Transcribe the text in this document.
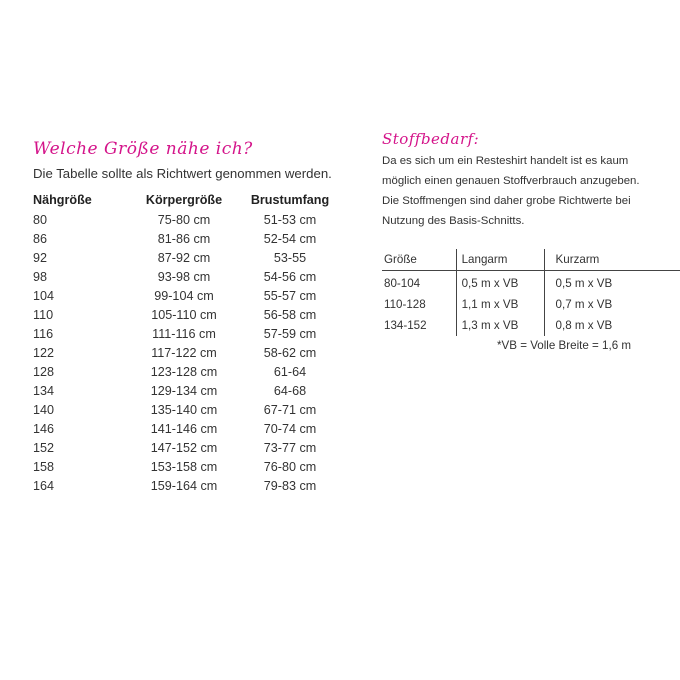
Welche Größe nähe ich?
Die Tabelle sollte als Richtwert genommen werden.
Nähgröße	Körpergröße	Brustumfang
80	75-80 cm	51-53 cm
86	81-86 cm	52-54 cm
92	87-92 cm	53-55
98	93-98 cm	54-56 cm
104	99-104 cm	55-57 cm
110	105-110 cm	56-58 cm
116	111-116 cm	57-59 cm
122	117-122 cm	58-62 cm
128	123-128 cm	61-64
134	129-134 cm	64-68
140	135-140 cm	67-71 cm
146	141-146 cm	70-74 cm
152	147-152 cm	73-77 cm
158	153-158 cm	76-80 cm
164	159-164 cm	79-83 cm
Stoffbedarf:
Da es sich um ein Resteshirt handelt ist es kaum
möglich einen genauen Stoffverbrauch anzugeben.
Die Stoffmengen sind daher grobe Richtwerte bei
Nutzung des Basis-Schnitts.
Größe	Langarm	Kurzarm
80-104	0,5 m x VB	0,5 m x VB
110-128	1,1 m x VB	0,7 m x VB
134-152	1,3 m x VB	0,8 m x VB
*VB = Volle Breite = 1,6 m
